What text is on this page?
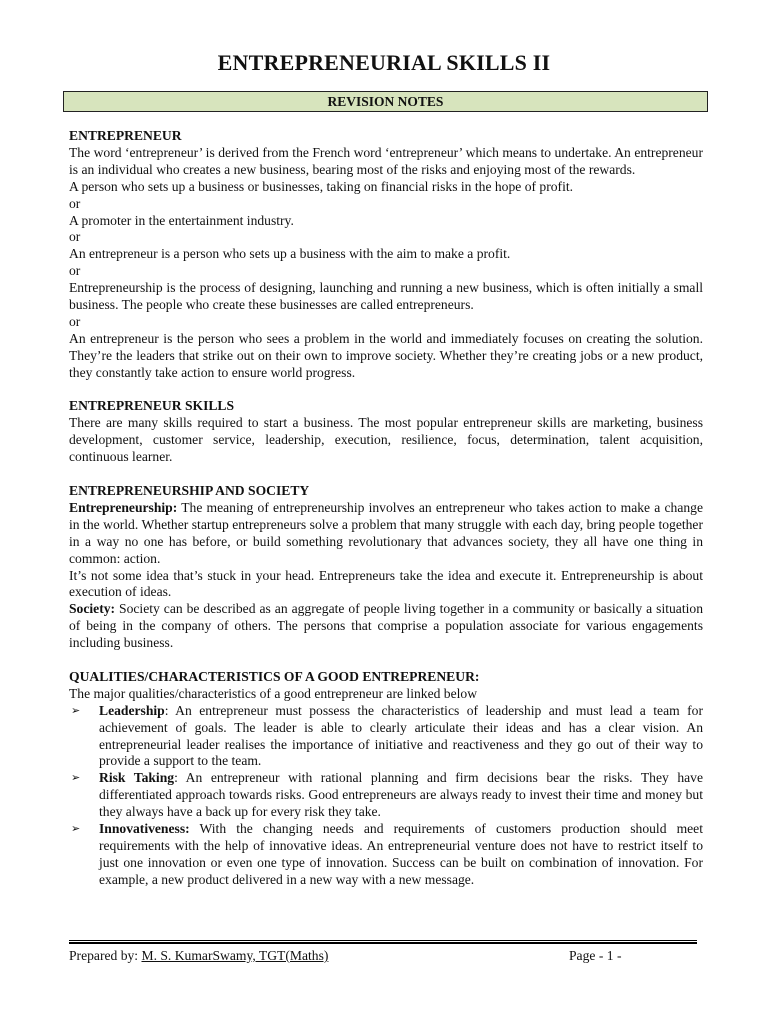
ENTREPRENEURIAL SKILLS II
REVISION NOTES

ENTREPRENEUR

The word ‘entrepreneur’ is derived from the French word ‘entrepreneur’ which means to undertake. An entrepreneur is an individual who creates a new business, bearing most of the risks and enjoying most of the rewards.

A person who sets up a business or businesses, taking on financial risks in the hope of profit.

or

A promoter in the entertainment industry.

or

An entrepreneur is a person who sets up a business with the aim to make a profit.

or

Entrepreneurship is the process of designing, launching and running a new business, which is often initially a small business. The people who create these businesses are called entrepreneurs.

or

An entrepreneur is the person who sees a problem in the world and immediately focuses on creating the solution. They’re the leaders that strike out on their own to improve society. Whether they’re creating jobs or a new product, they constantly take action to ensure world progress.

ENTREPRENEUR SKILLS

There are many skills required to start a business. The most popular entrepreneur skills are marketing, business development, customer service, leadership, execution, resilience, focus, determination, talent acquisition, continuous learner.

ENTREPRENEURSHIP AND SOCIETY

Entrepreneurship: The meaning of entrepreneurship involves an entrepreneur who takes action to make a change in the world. Whether startup entrepreneurs solve a problem that many struggle with each day, bring people together in a way no one has before, or build something revolutionary that advances society, they all have one thing in common: action.

It’s not some idea that’s stuck in your head. Entrepreneurs take the idea and execute it. Entrepreneurship is about execution of ideas.

Society: Society can be described as an aggregate of people living together in a community or basically a situation of being in the company of others. The persons that comprise a population associate for various engagements including business.

QUALITIES/CHARACTERISTICS OF A GOOD ENTREPRENEUR:

The major qualities/characteristics of a good entrepreneur are linked below

➢ Leadership: An entrepreneur must possess the characteristics of leadership and must lead a team for achievement of goals. The leader is able to clearly articulate their ideas and has a clear vision. An entrepreneurial leader realises the importance of initiative and reactiveness and they go out of their way to provide a support to the team.
➢ Risk Taking: An entrepreneur with rational planning and firm decisions bear the risks. They have differentiated approach towards risks. Good entrepreneurs are always ready to invest their time and money but they always have a back up for every risk they take.
➢ Innovativeness: With the changing needs and requirements of customers production should meet requirements with the help of innovative ideas. An entrepreneurial venture does not have to restrict itself to just one innovation or even one type of innovation. Success can be built on combination of innovation. For example, a new product delivered in a new way with a new message.
Prepared by: M. S. KumarSwamy, TGT(Maths)	Page - 1 -
